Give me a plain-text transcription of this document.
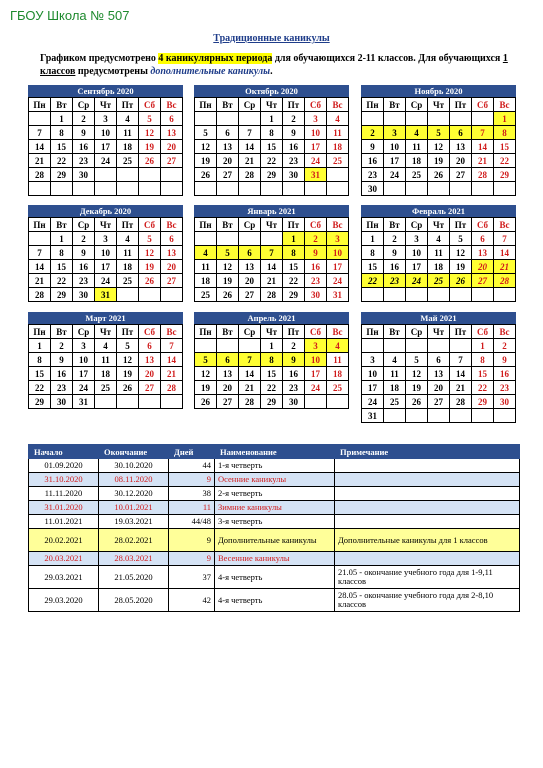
ГБОУ Школа № 507
Традиционные каникулы
Графиком предусмотрено 4 каникулярных периода для обучающихся 2-11 классов. Для обучающихся 1 классов предусмотрены дополнительные каникулы.
Сентябрь 2020
Пн	Вт	Ср	Чт	Пт	Сб	Вс
	1	2	3	4	5	6
7	8	9	10	11	12	13
14	15	16	17	18	19	20
21	22	23	24	25	26	27
28	29	30				

Октябрь 2020
Пн	Вт	Ср	Чт	Пт	Сб	Вс
			1	2	3	4
5	6	7	8	9	10	11
12	13	14	15	16	17	18
19	20	21	22	23	24	25
26	27	28	29	30	31	

Ноябрь 2020
Пн	Вт	Ср	Чт	Пт	Сб	Вс
						1
2	3	4	5	6	7	8
9	10	11	12	13	14	15
16	17	18	19	20	21	22
23	24	25	26	27	28	29
30						
Декабрь 2020
Пн	Вт	Ср	Чт	Пт	Сб	Вс
	1	2	3	4	5	6
7	8	9	10	11	12	13
14	15	16	17	18	19	20
21	22	23	24	25	26	27
28	29	30	31			
Январь 2021
Пн	Вт	Ср	Чт	Пт	Сб	Вс
				1	2	3
4	5	6	7	8	9	10
11	12	13	14	15	16	17
18	19	20	21	22	23	24
25	26	27	28	29	30	31
Февраль 2021
Пн	Вт	Ср	Чт	Пт	Сб	Вс
1	2	3	4	5	6	7
8	9	10	11	12	13	14
15	16	17	18	19	20	21
22	23	24	25	26	27	28

Март 2021
Пн	Вт	Ср	Чт	Пт	Сб	Вс
1	2	3	4	5	6	7
8	9	10	11	12	13	14
15	16	17	18	19	20	21
22	23	24	25	26	27	28
29	30	31				
Апрель 2021
Пн	Вт	Ср	Чт	Пт	Сб	Вс
			1	2	3	4
5	6	7	8	9	10	11
12	13	14	15	16	17	18
19	20	21	22	23	24	25
26	27	28	29	30		
Май 2021
Пн	Вт	Ср	Чт	Пт	Сб	Вс
					1	2
3	4	5	6	7	8	9
10	11	12	13	14	15	16
17	18	19	20	21	22	23
24	25	26	27	28	29	30
31						
Начало	Окончание	Дней	Наименование	Примечание
01.09.2020	30.10.2020	44	1-я четверть	
31.10.2020	08.11.2020	9	Осенние каникулы	
11.11.2020	30.12.2020	38	2-я четверть	
31.01.2020	10.01.2021	11	Зимние каникулы	
11.01.2021	19.03.2021	44/48	3-я четверть	
20.02.2021	28.02.2021	9	Дополнительные каникулы	Дополнительные каникулы для 1 классов
20.03.2021	28.03.2021	9	Весенние каникулы	
29.03.2021	21.05.2020	37	4-я четверть	21.05 - окончание учебного года для 1-9,11 классов
29.03.2020	28.05.2020	42	4-я четверть	28.05 - окончание учебного года для 2-8,10 классов
